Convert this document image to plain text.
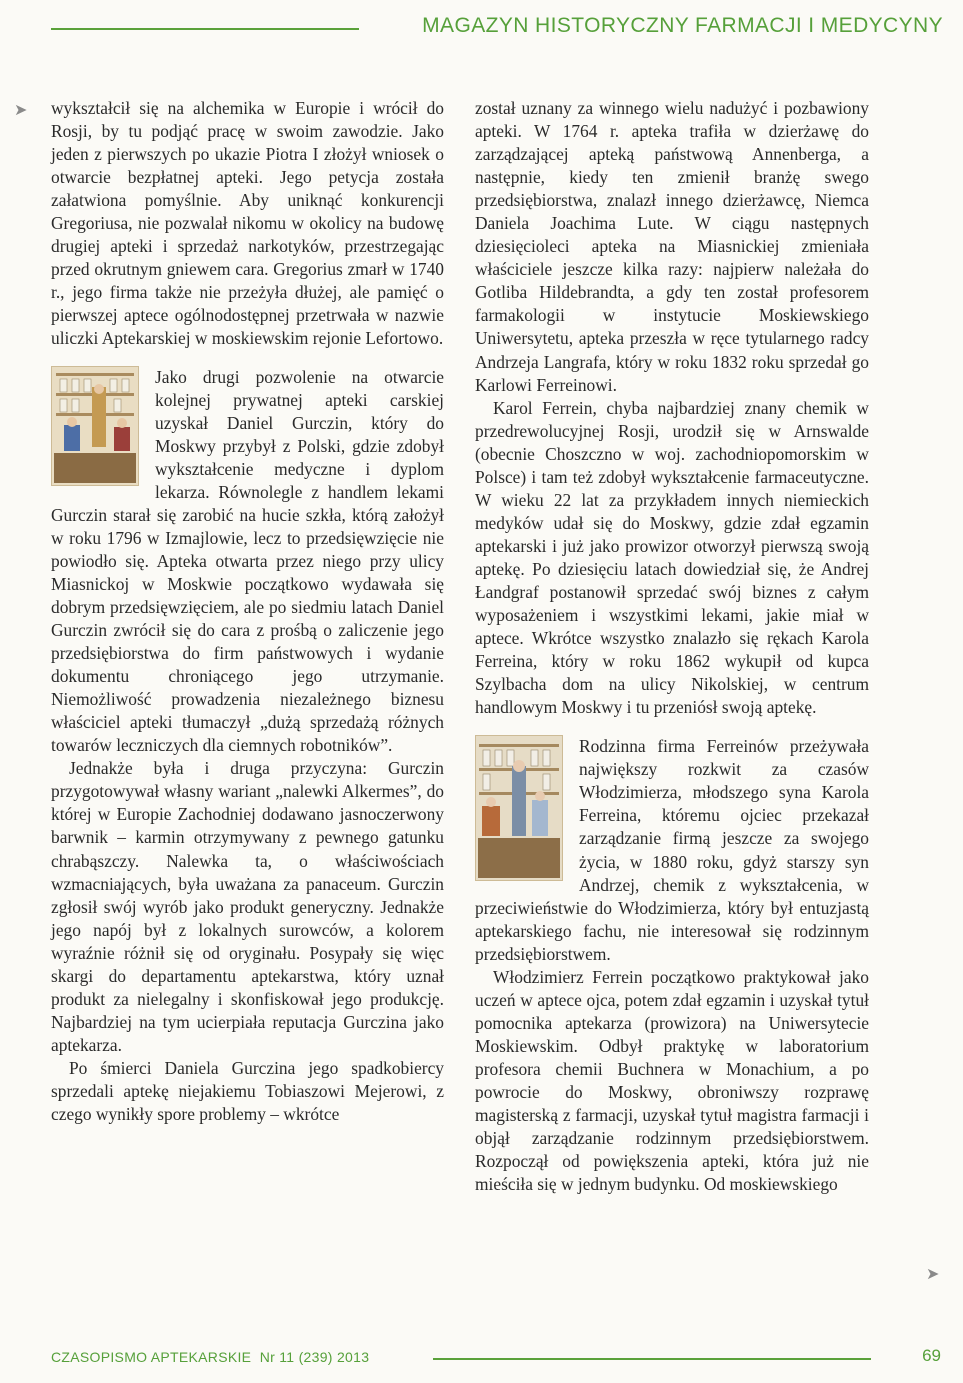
MAGAZYN HISTORYCZNY FARMACJI I MEDYCYNY
➤ wykształcił się na alchemika w Europie i wrócił do Rosji, by tu podjąć pracę w swoim zawodzie. Jako jeden z pierwszych po ukazie Piotra I złożył wniosek o otwarcie bezpłatnej apteki. Jego petycja została załatwiona pomyślnie. Aby uniknąć konkurencji Gregoriusa, nie pozwalał nikomu w okolicy na budowę drugiej apteki i sprzedaż narkotyków, przestrzegając przed okrutnym gniewem cara. Gregorius zmarł w 1740 r., jego firma także nie przeżyła dłużej, ale pamięć o pierwszej aptece ogólnodostępnej przetrwała w nazwie uliczki Aptekarskiej w moskiewskim rejonie Lefortowo.

Jako drugi pozwolenie na otwarcie kolejnej prywatnej apteki carskiej uzyskał Daniel Gurczin, który do Moskwy przybył z Polski, gdzie zdobył wykształcenie medyczne i dyplom lekarza. Równolegle z handlem lekami Gurczin starał się zarobić na hucie szkła, którą założył w roku 1796 w Izmajlowie, lecz to przedsięwzięcie nie powiodło się. Apteka otwarta przez niego przy ulicy Miasnickoj w Moskwie początkowo wydawała się dobrym przedsięwzięciem, ale po siedmiu latach Daniel Gurczin zwrócił się do cara z prośbą o zaliczenie jego przedsiębiorstwa do firm państwowych i wydanie dokumentu chroniącego jego utrzymanie. Niemożliwość prowadzenia niezależnego biznesu właściciel apteki tłumaczył „dużą sprzedażą różnych towarów leczniczych dla ciemnych robotników”.

Jednakże była i druga przyczyna: Gurczin przygotowywał własny wariant „nalewki Alkermes”, do której w Europie Zachodniej dodawano jasnoczerwony barwnik – karmin otrzymywany z pewnego gatunku chrabąszczy. Nalewka ta, o właściwościach wzmacniających, była uważana za panaceum. Gurczin zgłosił swój wyrób jako produkt generyczny. Jednakże jego napój był z lokalnych surowców, a kolorem wyraźnie różnił się od oryginału. Posypały się więc skargi do departamentu aptekarstwa, który uznał produkt za nielegalny i skonfiskował jego produkcję. Najbardziej na tym ucierpiała reputacja Gurczina jako aptekarza.

Po śmierci Daniela Gurczina jego spadkobiercy sprzedali aptekę niejakiemu Tobiaszowi Mejerowi, z czego wynikły spore problemy – wkrótce

został uznany za winnego wielu nadużyć i pozbawiony apteki. W 1764 r. apteka trafiła w dzierżawę do zarządzającej apteką państwową Annenberga, a następnie, kiedy ten zmienił branżę swego przedsiębiorstwa, znalazł innego dzierżawcę, Niemca Daniela Joachima Lute. W ciągu następnych dziesięcioleci apteka na Miasnickiej zmieniała właściciele jeszcze kilka razy: najpierw należała do Gotliba Hildebrandta, a gdy ten został profesorem farmakologii w instytucie Moskiewskiego Uniwersytetu, apteka przeszła w ręce tytularnego radcy Andrzeja Langrafa, który w roku 1832 roku sprzedał go Karlowi Ferreinowi.

Karol Ferrein, chyba najbardziej znany chemik w przedrewolucyjnej Rosji, urodził się w Arnswalde (obecnie Choszczno w woj. zachodniopomorskim w Polsce) i tam też zdobył wykształcenie farmaceutyczne. W wieku 22 lat za przykładem innych niemieckich medyków udał się do Moskwy, gdzie zdał egzamin aptekarski i już jako prowizor otworzył pierwszą swoją aptekę. Po dziesięciu latach dowiedział się, że Andrej Łandgraf postanowił sprzedać swój biznes z całym wyposażeniem i wszystkimi lekami, jakie miał w aptece. Wkrótce wszystko znalazło się rękach Karola Ferreina, który w roku 1862 wykupił od kupca Szylbacha dom na ulicy Nikolskiej, w centrum handlowym Moskwy i tu przeniósł swoją aptekę.

Rodzinna firma Ferreinów przeżywała największy rozkwit za czasów Włodzimierza, młodszego syna Karola Ferreina, któremu ojciec przekazał zarządzanie firmą jeszcze za swojego życia, w 1880 roku, gdyż starszy syn Andrzej, chemik z wykształcenia, w przeciwieństwie do Włodzimierza, który był entuzjastą aptekarskiego fachu, nie interesował się rodzinnym przedsiębiorstwem.

Włodzimierz Ferrein początkowo praktykował jako uczeń w aptece ojca, potem zdał egzamin i uzyskał tytuł pomocnika aptekarza (prowizora) na Uniwersytecie Moskiewskim. Odbył praktykę w laboratorium profesora chemii Buchnera w Monachium, a po powrocie do Moskwy, obroniwszy rozprawę magisterską z farmacji, uzyskał tytuł magistra farmacji i objął zarządzanie rodzinnym przedsiębiorstwem. Rozpoczął od powiększenia apteki, która już nie mieściła się w jednym budynku. Od moskiewskiego

➤
CZASOPISMO APTEKARSKIE  Nr 11 (239) 2013	69
